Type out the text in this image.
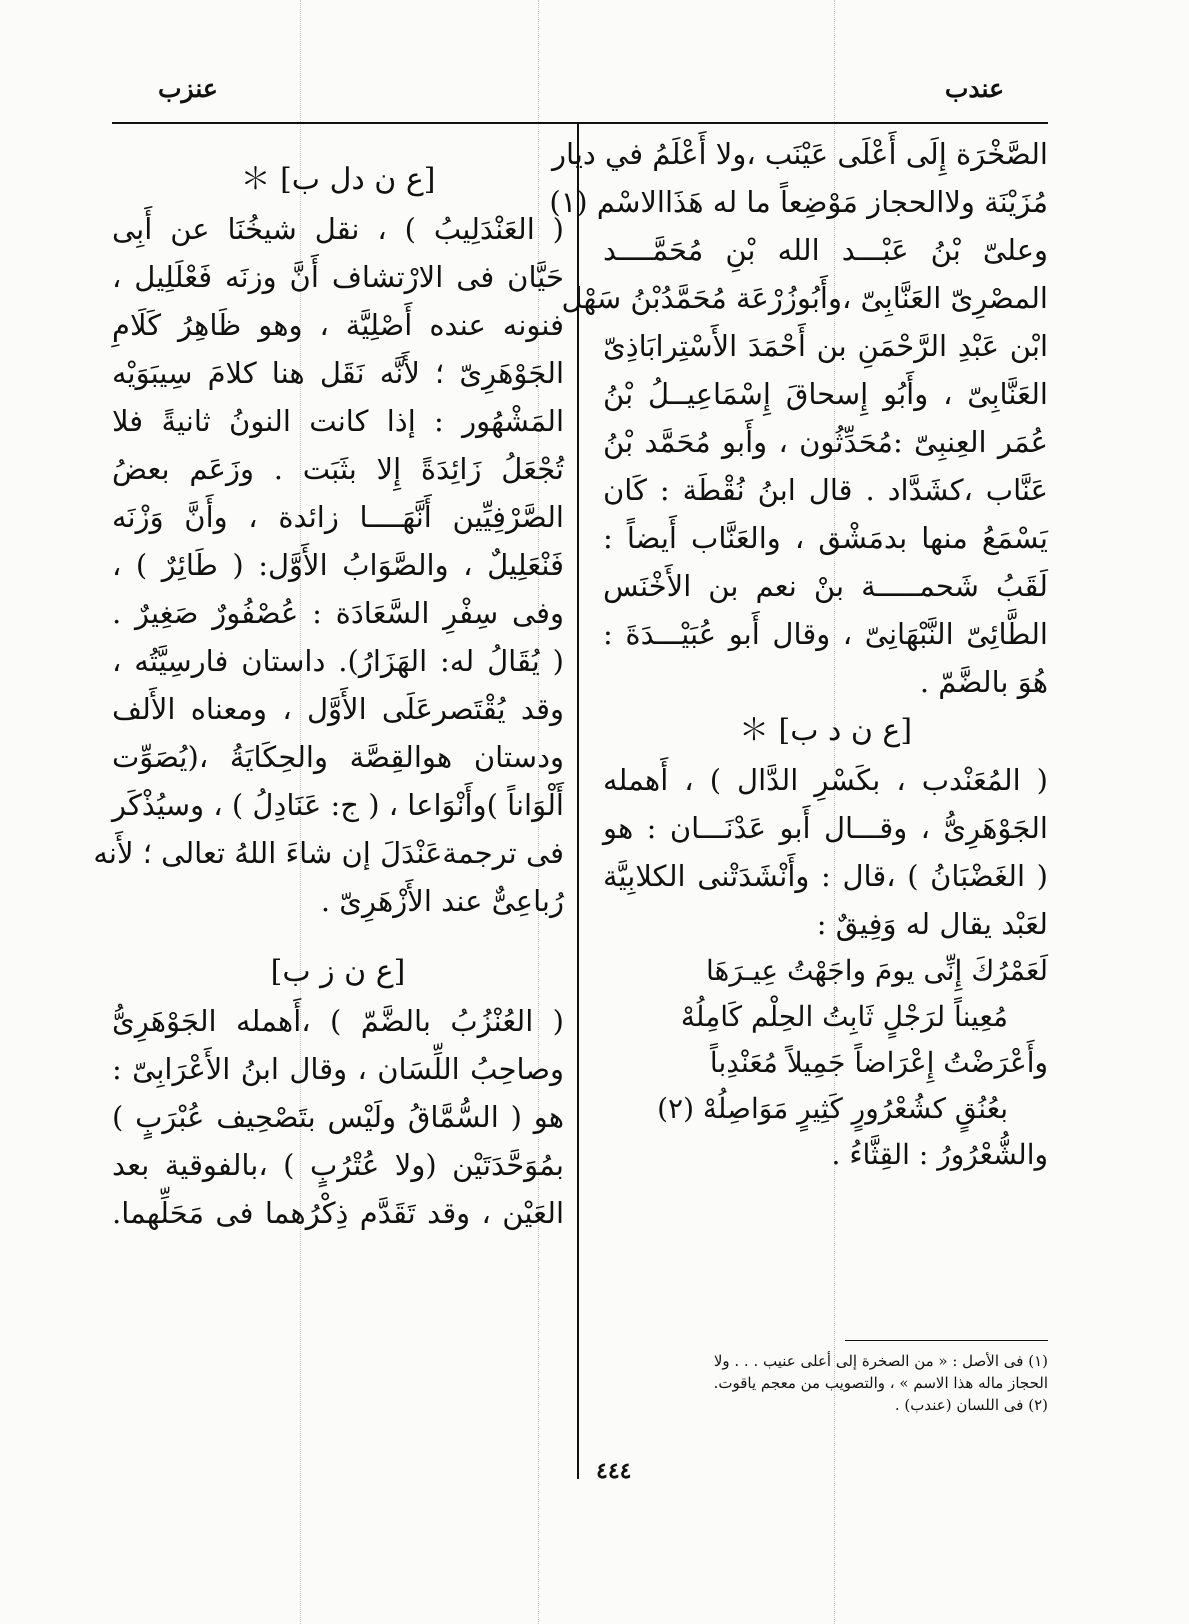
عندب
عنزب
الصَّخْرَة إِلَى أَعْلَى عَيْنَب ،ولا أَعْلَمُ في ديار
مُزَيْنَة ولاالحجاز مَوْضِعاً ما له هَذَاالاسْم (١)
وعلىّ بْنُ عَبْـــد الله بْنِ مُحَمَّــــد
المصْرِىّ العَنَّابِىّ ،وأَبُوزُرْعَة مُحَمَّدُبْنُ سَهْل
ابْن عَبْدِ الرَّحْمَنِ بن أَحْمَدَ الأَسْتِرابَاذِىّ
العَنَّابِىّ ، وأَبُو إِسحاقَ إِسْمَاعِيــلُ بْنُ
عُمَر العِنبِىّ :مُحَدِّثُون ، وأَبو مُحَمَّد بْنُ
عَنَّاب ،كشَدَّاد . قال ابنُ نُقْطَة : كَان
يَسْمَعُ منها بدمَشْق ، والعَنَّاب أَيضاً :
لَقَبُ شَحمـــــة بنْ نعم بن الأَخْنَس
الطَّائِىّ النَّبْهَانِىّ ، وقال أَبو عُبَيْـــدَةَ :
هُوَ بالضَّمّ .
[ع ن د ب] ＊
( المُعَنْدب ، بكَسْرِ الدَّال ) ، أَهمله
الجَوْهَرِىُّ ، وقـــال أَبو عَدْنَـــان : هو
( الغَضْبَانُ ) ،قال : وأَنْشَدَتْنى الكلابِيَّة
لعَبْد يقال له وَفِيقٌ :
لَعَمْرُكَ إِنِّى يومَ واجَهْتُ عِيـرَهَا
مُعِيناً لرَجْلٍ ثَابِتُ الحِلْم كَامِلُهْ
وأَعْرَضْتُ إِعْرَاضاً جَمِيلاً مُعَنْدِباً
بعُنُقٍ كشُعْرُورٍ كَثِيرٍ مَوَاصِلُهْ (٢)
والشُّعْرُورُ : القِثَّاءُ .
(١) فى الأصل : « من الصخرة إلى أعلى عنيب . . . ولا
الحجاز ماله هذا الاسم » ، والتصويب من معجم ياقوت.
(٢) فى اللسان (عندب) .
[ع ن دل ب] ＊
( العَنْدَلِيبُ ) ، نقل شيخُنَا عن أَبِى
حَيَّان فى الارْتشاف أَنَّ وزنَه فَعْلَلِيل ،
فنونه عنده أَصْلِيَّة ، وهو ظَاهِرُ كَلَامِ
الجَوْهَرِىّ ؛ لأَنَّه نَقَل هنا كلامَ سِيبَوَيْه
المَشْهُور : إذا كانت النونُ ثانيةً فلا
تُجْعَلُ زَائِدَةً إِلا بثَبَت . وزَعَم بعضُ
الصَّرْفِيِّين أَنَّهَــــا زائدة ، وأَنَّ وَزْنَه
فَنْعَلِيلٌ ، والصَّوَابُ الأَوَّل: ( طَائِرٌ ) ،
وفى سِفْرِ السَّعَادَة : عُصْفُورٌ صَغِيرٌ .
( يُقَالُ له: الهَزَارُ). داستان فارسِيَّتُه ،
وقد يُقْتَصرعَلَى الأَوَّل ، ومعناه الأَلف
ودستان هوالقِصَّة والحِكَايَةُ ،(يُصَوِّت
أَلْوَاناً )وأَنْوَاعا ، ( ج: عَنَادِلُ ) ، وسيُذْكَر
فى ترجمةعَنْدَلَ إن شاءَ اللهُ تعالى ؛ لأَنه
رُباعِىٌّ عند الأَزْهَرِىّ .
[ع ن ز ب]
( العُنْزُبُ بالضَّمّ ) ،أَهمله الجَوْهَرِىُّ
وصاحِبُ اللِّسَان ، وقال ابنُ الأَعْرَابِىّ :
هو ( السُّمَّاقُ ولَيْس بتَصْحِيف عُبْرَبٍ )
بمُوَحَّدَتَيْن (ولا عُتْرُبٍ ) ،بالفوقية بعد
العَيْن ، وقد تَقَدَّم ذِكْرُهما فى مَحَلِّهما.
٤٤٤
